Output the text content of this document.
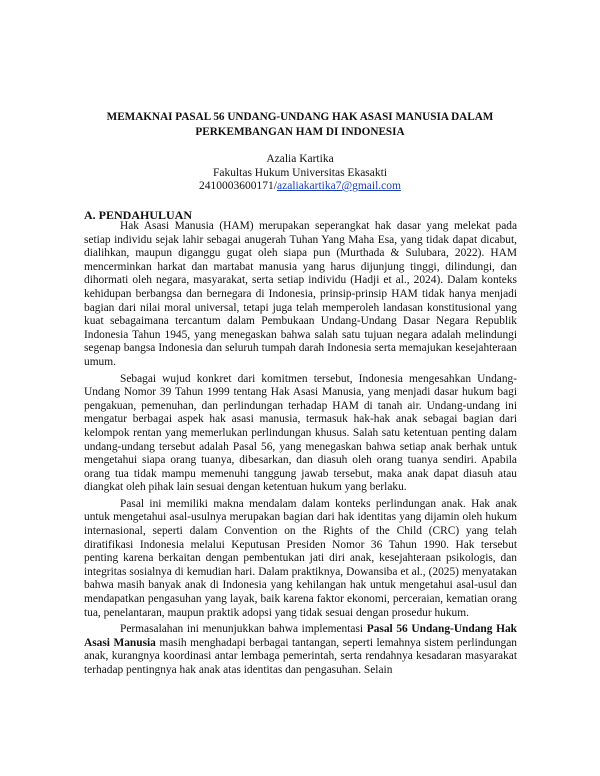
MEMAKNAI PASAL 56 UNDANG-UNDANG HAK ASASI MANUSIA DALAM
PERKEMBANGAN HAM DI INDONESIA
Azalia Kartika
Fakultas Hukum Universitas Ekasakti
2410003600171/azaliakartika7@gmail.com
A. PENDAHULUAN

Hak Asasi Manusia (HAM) merupakan seperangkat hak dasar yang melekat pada setiap individu sejak lahir sebagai anugerah Tuhan Yang Maha Esa, yang tidak dapat dicabut, dialihkan, maupun diganggu gugat oleh siapa pun (Murthada & Sulubara, 2022). HAM mencerminkan harkat dan martabat manusia yang harus dijunjung tinggi, dilindungi, dan dihormati oleh negara, masyarakat, serta setiap individu (Hadji et al., 2024). Dalam konteks kehidupan berbangsa dan bernegara di Indonesia, prinsip-prinsip HAM tidak hanya menjadi bagian dari nilai moral universal, tetapi juga telah memperoleh landasan konstitusional yang kuat sebagaimana tercantum dalam Pembukaan Undang-Undang Dasar Negara Republik Indonesia Tahun 1945, yang menegaskan bahwa salah satu tujuan negara adalah melindungi segenap bangsa Indonesia dan seluruh tumpah darah Indonesia serta memajukan kesejahteraan umum.

Sebagai wujud konkret dari komitmen tersebut, Indonesia mengesahkan Undang-Undang Nomor 39 Tahun 1999 tentang Hak Asasi Manusia, yang menjadi dasar hukum bagi pengakuan, pemenuhan, dan perlindungan terhadap HAM di tanah air. Undang-undang ini mengatur berbagai aspek hak asasi manusia, termasuk hak-hak anak sebagai bagian dari kelompok rentan yang memerlukan perlindungan khusus. Salah satu ketentuan penting dalam undang-undang tersebut adalah Pasal 56, yang menegaskan bahwa setiap anak berhak untuk mengetahui siapa orang tuanya, dibesarkan, dan diasuh oleh orang tuanya sendiri. Apabila orang tua tidak mampu memenuhi tanggung jawab tersebut, maka anak dapat diasuh atau diangkat oleh pihak lain sesuai dengan ketentuan hukum yang berlaku.

Pasal ini memiliki makna mendalam dalam konteks perlindungan anak. Hak anak untuk mengetahui asal-usulnya merupakan bagian dari hak identitas yang dijamin oleh hukum internasional, seperti dalam Convention on the Rights of the Child (CRC) yang telah diratifikasi Indonesia melalui Keputusan Presiden Nomor 36 Tahun 1990. Hak tersebut penting karena berkaitan dengan pembentukan jati diri anak, kesejahteraan psikologis, dan integritas sosialnya di kemudian hari. Dalam praktiknya, Dowansiba et al., (2025) menyatakan bahwa masih banyak anak di Indonesia yang kehilangan hak untuk mengetahui asal-usul dan mendapatkan pengasuhan yang layak, baik karena faktor ekonomi, perceraian, kematian orang tua, penelantaran, maupun praktik adopsi yang tidak sesuai dengan prosedur hukum.

Permasalahan ini menunjukkan bahwa implementasi Pasal 56 Undang-Undang Hak Asasi Manusia masih menghadapi berbagai tantangan, seperti lemahnya sistem perlindungan anak, kurangnya koordinasi antar lembaga pemerintah, serta rendahnya kesadaran masyarakat terhadap pentingnya hak anak atas identitas dan pengasuhan. Selain
